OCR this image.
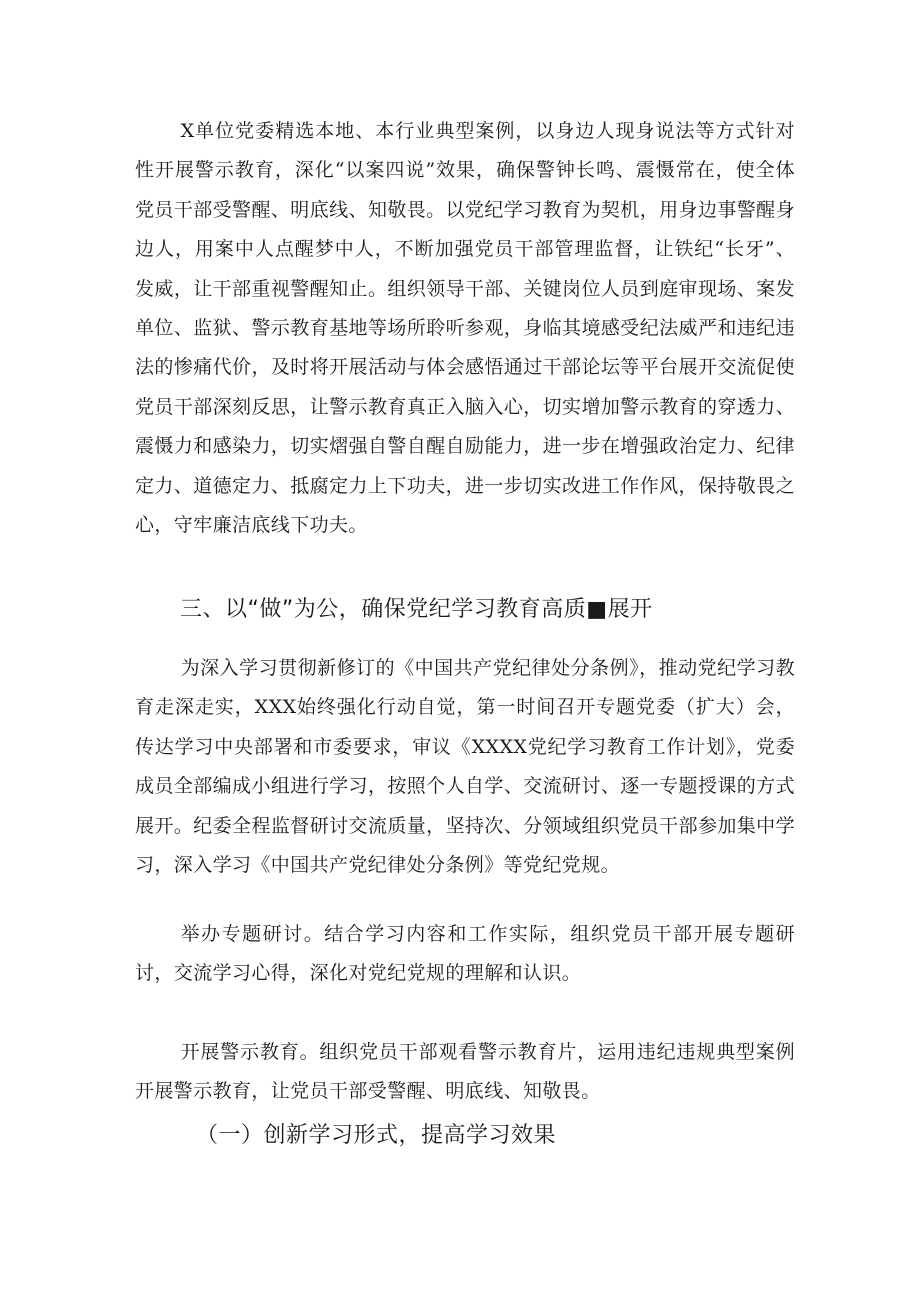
X单位党委精选本地、本行业典型案例，以身边人现身说法等方式针对性开展警示教育，深化“以案四说”效果，确保警钟长鸣、震慑常在，使全体党员干部受警醒、明底线、知敬畏。以党纪学习教育为契机，用身边事警醒身边人，用案中人点醒梦中人，不断加强党员干部管理监督，让铁纪“长牙”、发威，让干部重视警醒知止。组织领导干部、关键岗位人员到庭审现场、案发单位、监狱、警示教育基地等场所聆听参观，身临其境感受纪法威严和违纪违法的惨痛代价，及时将开展活动与体会感悟通过干部论坛等平台展开交流促使党员干部深刻反思，让警示教育真正入脑入心，切实增加警示教育的穿透力、震慑力和感染力，切实熠强自警自醒自励能力，进一步在增强政治定力、纪律定力、道德定力、抵腐定力上下功夫，进一步切实改进工作作风，保持敬畏之心，守牢廉洁底线下功夫。

三、以“做”为公，确保党纪学习教育高质■展开

为深入学习贯彻新修订的《中国共产党纪律处分条例》，推动党纪学习教育走深走实，XXX始终强化行动自觉，第一时间召开专题党委（扩大）会，传达学习中央部署和市委要求，审议《XXXX党纪学习教育工作计划》，党委成员全部编成小组进行学习，按照个人自学、交流研讨、逐一专题授课的方式展开。纪委全程监督研讨交流质量，坚持次、分领域组织党员干部参加集中学习，深入学习《中国共产党纪律处分条例》等党纪党规。

举办专题研讨。结合学习内容和工作实际，组织党员干部开展专题研讨，交流学习心得，深化对党纪党规的理解和认识。

开展警示教育。组织党员干部观看警示教育片，运用违纪违规典型案例开展警示教育，让党员干部受警醒、明底线、知敬畏。

（一）创新学习形式，提高学习效果
